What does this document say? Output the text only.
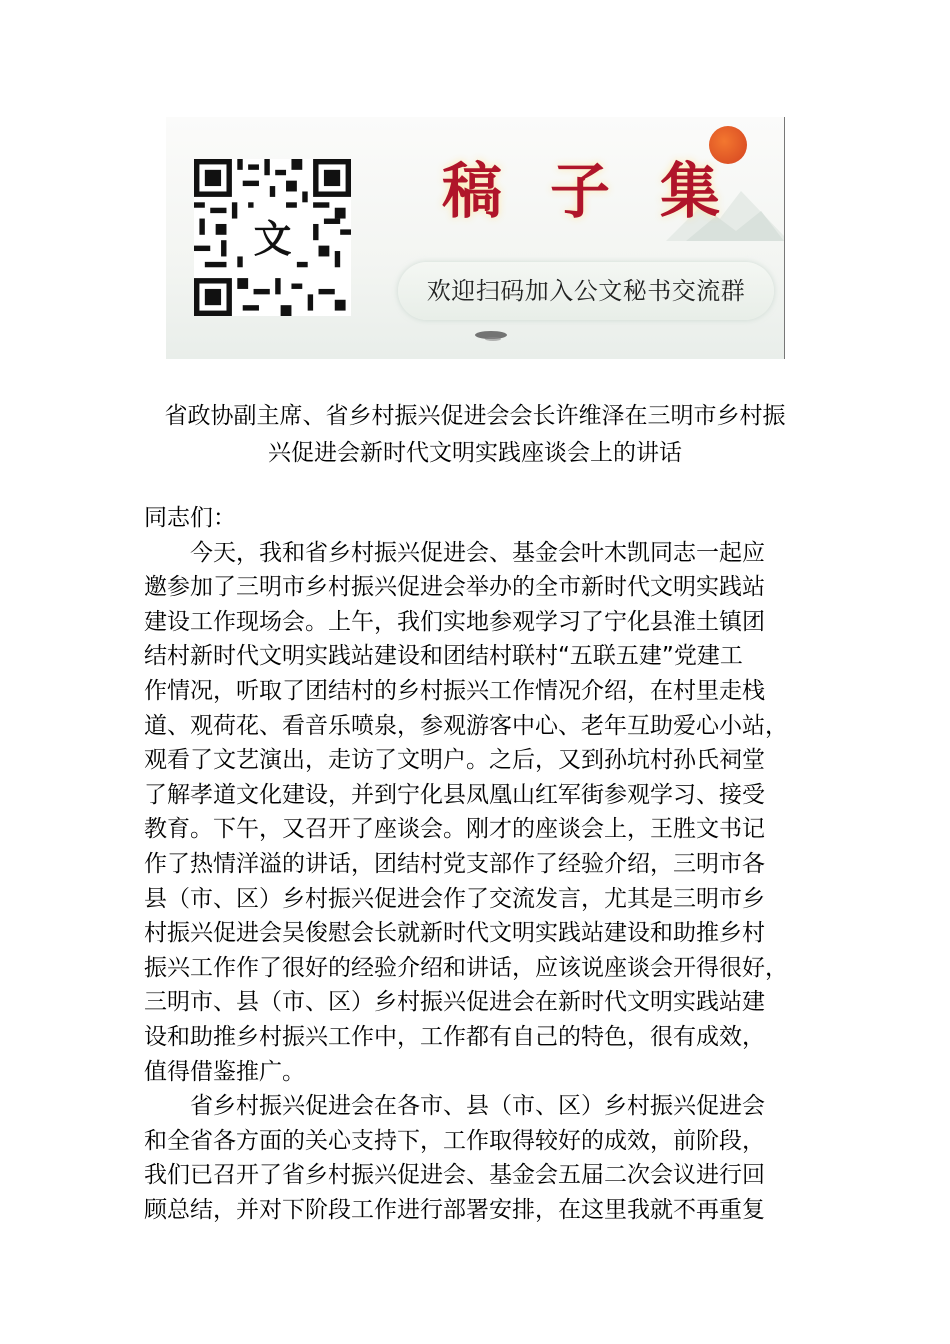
文
稿 子 集
欢迎扫码加入公文秘书交流群
省政协副主席、省乡村振兴促进会会长许维泽在三明市乡村振
兴促进会新时代文明实践座谈会上的讲话
同志们：
　　今天，我和省乡村振兴促进会、基金会叶木凯同志一起应
邀参加了三明市乡村振兴促进会举办的全市新时代文明实践站
建设工作现场会。上午，我们实地参观学习了宁化县淮土镇团
结村新时代文明实践站建设和团结村联村“五联五建”党建工
作情况，听取了团结村的乡村振兴工作情况介绍，在村里走栈
道、观荷花、看音乐喷泉，参观游客中心、老年互助爱心小站，
观看了文艺演出，走访了文明户。之后，又到孙坑村孙氏祠堂
了解孝道文化建设，并到宁化县凤凰山红军街参观学习、接受
教育。下午，又召开了座谈会。刚才的座谈会上，王胜文书记
作了热情洋溢的讲话，团结村党支部作了经验介绍，三明市各
县（市、区）乡村振兴促进会作了交流发言，尤其是三明市乡
村振兴促进会吴俊慰会长就新时代文明实践站建设和助推乡村
振兴工作作了很好的经验介绍和讲话，应该说座谈会开得很好，
三明市、县（市、区）乡村振兴促进会在新时代文明实践站建
设和助推乡村振兴工作中，工作都有自己的特色，很有成效，
值得借鉴推广。
　　省乡村振兴促进会在各市、县（市、区）乡村振兴促进会
和全省各方面的关心支持下，工作取得较好的成效，前阶段，
我们已召开了省乡村振兴促进会、基金会五届二次会议进行回
顾总结，并对下阶段工作进行部署安排，在这里我就不再重复
